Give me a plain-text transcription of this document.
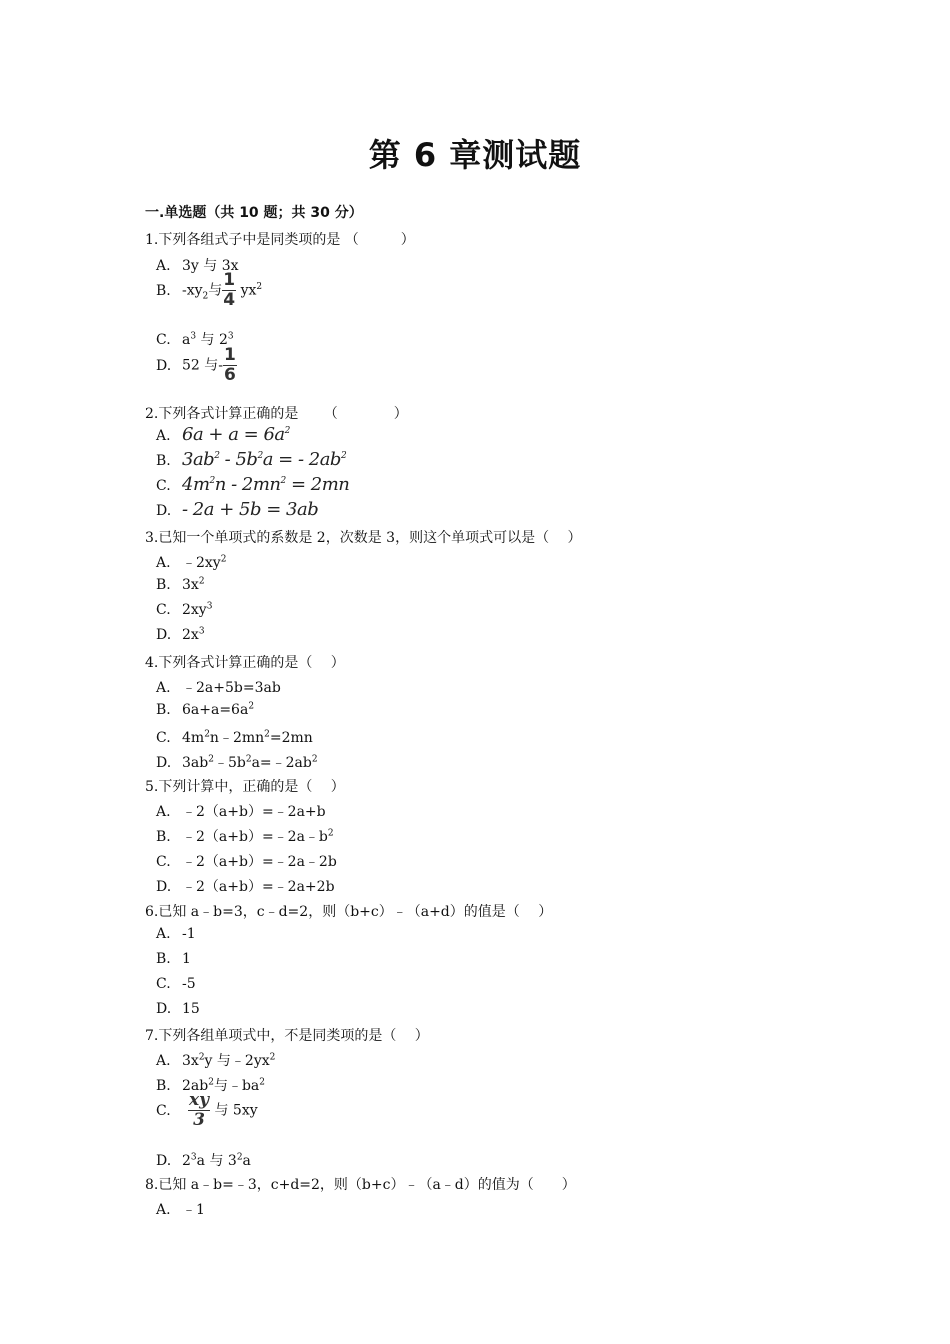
第 6 章测试题
一.单选题（共 10 题；共 30 分）
1.下列各组式子中是同类项的是 （　　　）
A. 3y 与 3x
B. $-xy_2$与 $\frac{1}{4} yx^2$
C. $a^3$ 与 $2^3$
D. 52 与- $\frac{1}{6}$
2.下列各式计算正确的是 　　（　　　　）
A. $6a + a = 6a^2$
B. $3ab^2 - 5b^2a$ = - $2ab^2$
C. $4m^2n - 2mn^2 = 2mn$
D. - 2a + 5b = 3ab
3.已知一个单项式的系数是 2，次数是 3，则这个单项式可以是（　 ）
A. $﹣2xy^2$
B. $3x^2$
C. $2xy^3$
D. $2x^3$
4.下列各式计算正确的是（　 ）
A. ﹣2a+5b=3ab
B. $6a+a=6a^2$
C. $4m^2n﹣2mn^2=2mn$
D. $3ab^2﹣5b^2a=﹣2ab^2$
5.下列计算中，正确的是（　 ）
A. ﹣2（a+b）=﹣2a+b
B. $﹣2(a+b)=﹣2a﹣b^2$
C. ﹣2（a+b）=﹣2a﹣2b
D. ﹣2（a+b）=﹣2a+2b
6.已知 a﹣b=3，c﹣d=2，则（b+c）﹣（a+d）的值是（　 ）
A. -1
B. 1
C. -5
D. 15
7.下列各组单项式中，不是同类项的是（　 ）
A. $3x^2y$ 与$﹣2yx^2$
B. $2ab^2$与$﹣ba^2$
C. $\frac{xy}{3}$ 与 5xy
D. $2^3a$ 与 $3^2a$
8.已知 a﹣b=﹣3，c+d=2，则（b+c）﹣（a﹣d）的值为（　　）
A. ﹣1
